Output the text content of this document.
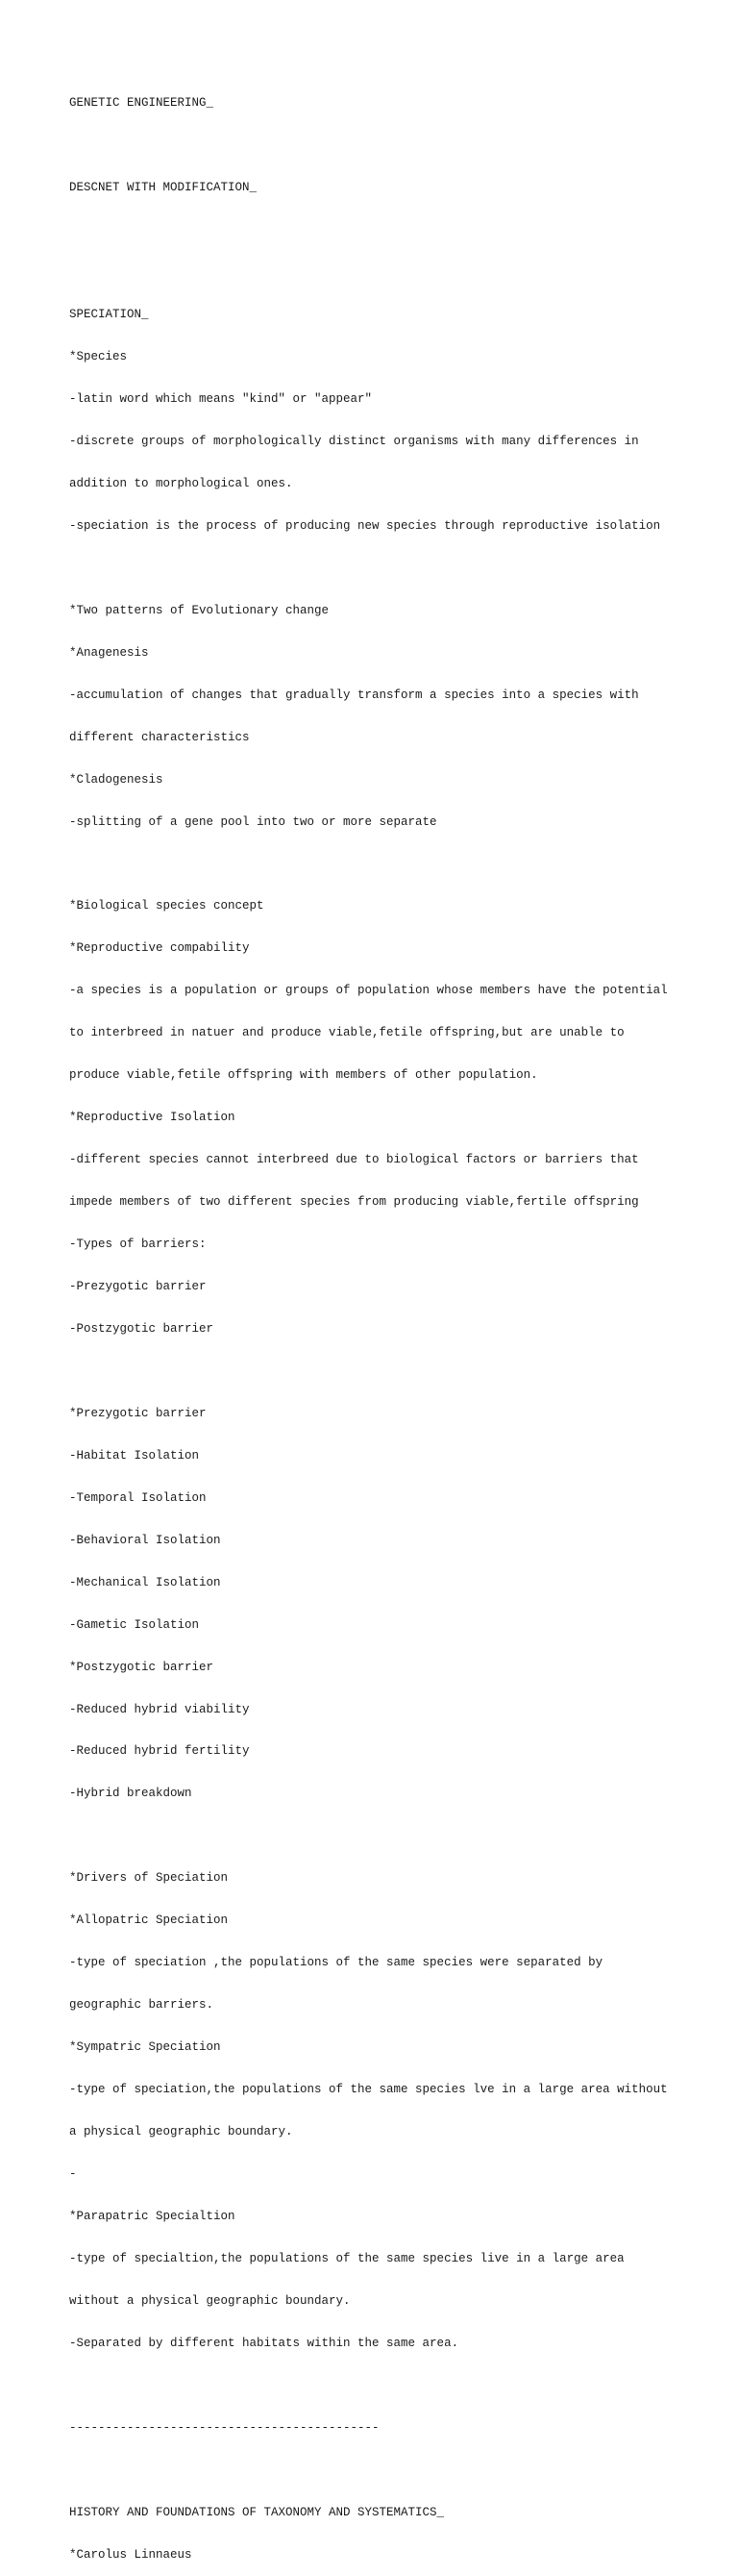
GENETIC ENGINEERING_

DESCNET WITH MODIFICATION_

SPECIATION_

*Species

-latin word which means "kind" or "appear"

-discrete groups of morphologically distinct organisms with many differences in

addition to morphological ones.

-speciation is the process of producing new species through reproductive isolation

*Two patterns of Evolutionary change

*Anagenesis

-accumulation of changes that gradually transform a species into a species with

different characteristics

*Cladogenesis

-splitting of a gene pool into two or more separate

*Biological species concept

*Reproductive compability

-a species is a population or groups of population whose members have the potential

to interbreed in natuer and produce viable,fetile offspring,but are unable to

produce viable,fetile offspring with members of other population.

*Reproductive Isolation

-different species cannot interbreed due to biological factors or barriers that

impede members of two different species from producing viable,fertile offspring

-Types of barriers:

-Prezygotic barrier

-Postzygotic barrier

*Prezygotic barrier

-Habitat Isolation

-Temporal Isolation

-Behavioral Isolation

-Mechanical Isolation

-Gametic Isolation

*Postzygotic barrier

-Reduced hybrid viability

-Reduced hybrid fertility

-Hybrid breakdown

*Drivers of Speciation

*Allopatric Speciation

-type of speciation ,the populations of the same species were separated by

geographic barriers.

*Sympatric Speciation

-type of speciation,the populations of the same species lve in a large area without

a physical geographic boundary.

-

*Parapatric Specialtion

-type of specialtion,the populations of the same species live in a large area

without a physical geographic boundary.

-Separated by different habitats within the same area.

-------------------------------------------

HISTORY AND FOUNDATIONS OF TAXONOMY AND SYSTEMATICS_

*Carolus Linnaeus
